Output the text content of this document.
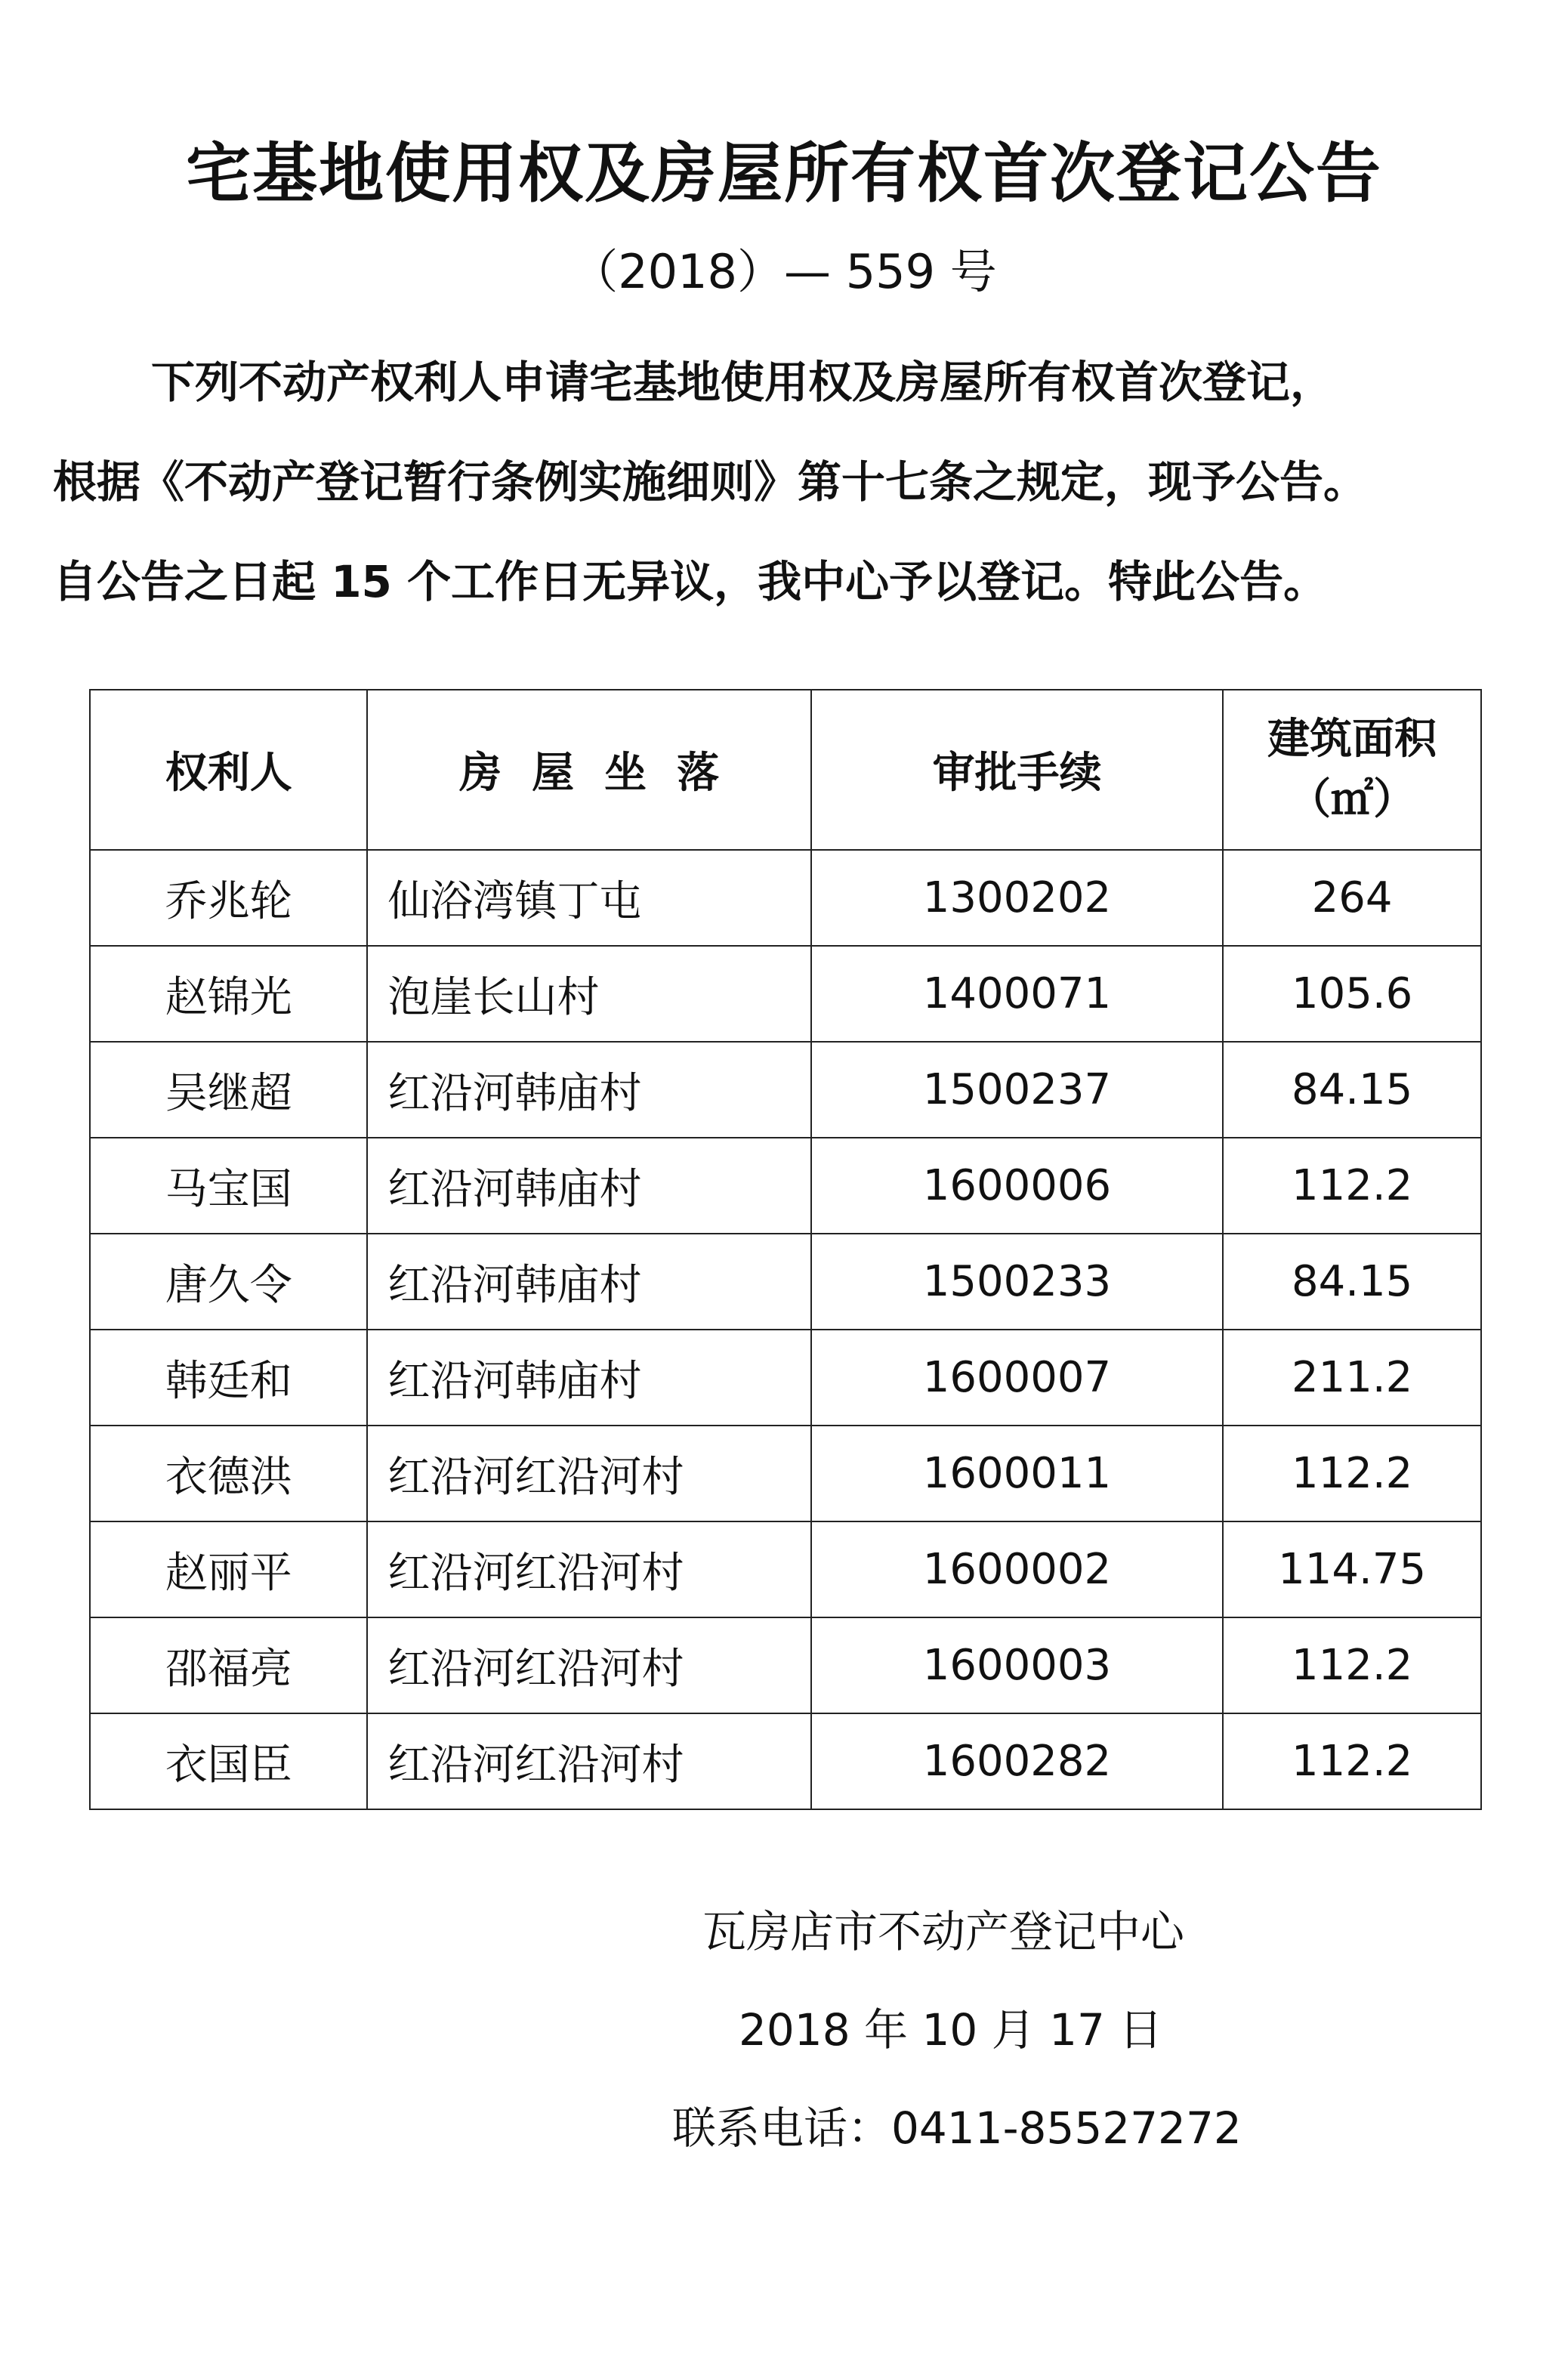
宅基地使用权及房屋所有权首次登记公告

（2018）— 559 号

下列不动产权利人申请宅基地使用权及房屋所有权首次登记，
根据《不动产登记暂行条例实施细则》第十七条之规定，现予公告。
自公告之日起 15 个工作日无异议，我中心予以登记。特此公告。
权利人	房屋坐落	审批手续	建筑面积
（㎡）

乔兆轮	仙浴湾镇丁屯	1300202	264
赵锦光	泡崖长山村	1400071	105.6
吴继超	红沿河韩庙村	1500237	84.15
马宝国	红沿河韩庙村	1600006	112.2
唐久令	红沿河韩庙村	1500233	84.15
韩廷和	红沿河韩庙村	1600007	211.2
衣德洪	红沿河红沿河村	1600011	112.2
赵丽平	红沿河红沿河村	1600002	114.75
邵福亮	红沿河红沿河村	1600003	112.2
衣国臣	红沿河红沿河村	1600282	112.2

瓦房店市不动产登记中心

2018 年 10 月 17 日

联系电话：0411-85527272
